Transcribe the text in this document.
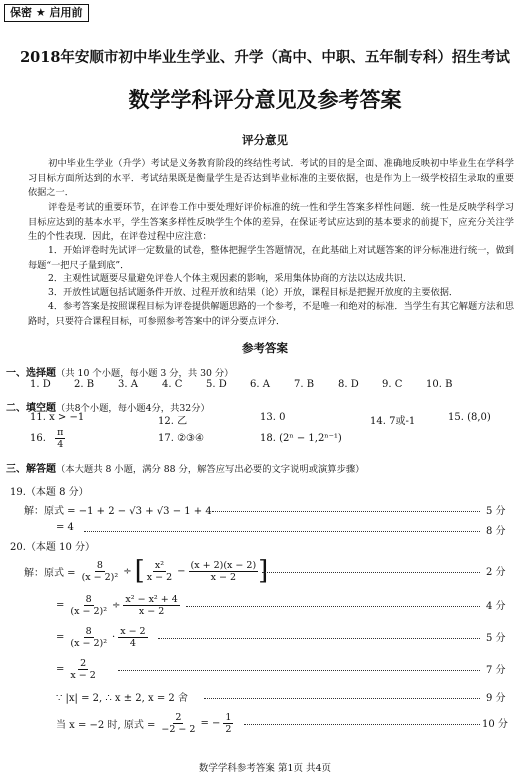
保密 ★ 启用前
2018年安顺市初中毕业生学业、升学（高中、中职、五年制专科）招生考试
数学学科评分意见及参考答案
评分意见
初中毕业生学业（升学）考试是义务教育阶段的终结性考试．考试的目的是全面、准确地反映初中毕业生在学科学习目标方面所达到的水平．考试结果既是衡量学生是否达到毕业标准的主要依据，也是作为上一级学校招生录取的重要依据之一．
评卷是考试的重要环节，在评卷工作中要处理好评价标准的统一性和学生答案多样性问题．统一性是反映学科学习目标应达到的基本水平，学生答案多样性反映学生个体的差异，在保证考试应达到的基本要求的前提下，应充分关注学生的个性表现．因此，在评卷过程中应注意：
1．开始评卷时先试评一定数量的试卷，整体把握学生答题情况，在此基础上对试题答案的评分标准进行统一，做到每题“一把尺子量到底”．
2．主观性试题要尽量避免评卷人个体主观因素的影响，采用集体协商的方法以达成共识．
3．开放性试题包括试题条件开放、过程开放和结果（论）开放，课程目标是把握开放度的主要依据．
4．参考答案是按照课程目标为评卷提供解题思路的一个参考，不是唯一和绝对的标准．当学生有其它解题方法和思路时，只要符合课程目标，可参照参考答案中的评分要点评分．
参考答案
一、选择题（共 10 个小题，每小题 3 分，共 30 分）
1. D	2. B	3. A	4. C	5. D	6. A	7. B	8. D	9. C	10. B
二、填空题（共8个小题，每小题4分，共32分）
11. x > −1	12. 乙	13. 0	14. 7或-1	15. (8,0)
16. $\frac{\pi}{4}$	17. ②③④	18. (2ⁿ − 1,2ⁿ⁻¹)
三、解答题（本大题共 8 小题，满分 88 分，解答应写出必要的文字说明或演算步骤）
19.（本题 8 分）
解：原式 = −1 + 2 − √3 + √3 − 1 + 4	5 分
= 4	8 分
20.（本题 10 分）
解：原式 = $\frac{8}{\text{(x − 2)²}}$ ÷ [ $\frac{\text{x²}}{x - 2} - \frac{(x + 2)(x - 2)}{x - 2}$ ]	2 分
= $\frac{8}{\text{(x − 2)²}} \div \frac{\text{x² − x² + 4}}{x - 2}$	4 分
= $\frac{8}{\text{(x − 2)²}} \cdot \frac{x - 2}{4}$	5 分
= $\frac{2}{x - 2}$	7 分
∵ |x| = 2, ∴ x ± 2, x = 2 舍	9 分
当 x = −2 时, 原式 = $\frac{2}{-2 - 2}$ = − $\frac{1}{2}$	10 分
数学学科参考答案 第1页 共4页
